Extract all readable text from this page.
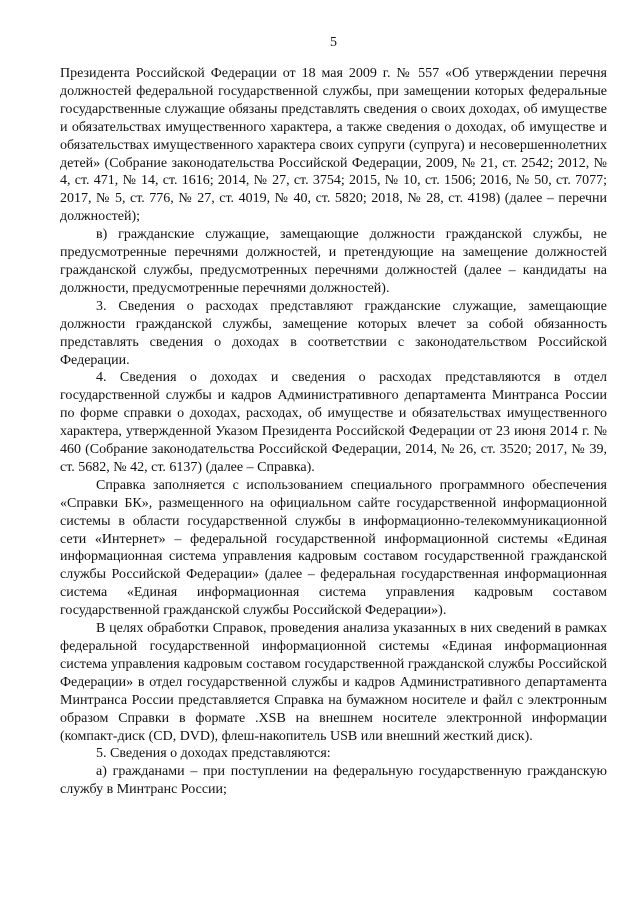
5

Президента Российской Федерации от 18 мая 2009 г. № 557 «Об утверждении перечня должностей федеральной государственной службы, при замещении которых федеральные государственные служащие обязаны представлять сведения о своих доходах, об имуществе и обязательствах имущественного характера, а также сведения о доходах, об имуществе и обязательствах имущественного характера своих супруги (супруга) и несовершеннолетних детей» (Собрание законодательства Российской Федерации, 2009, № 21, ст. 2542; 2012, № 4, ст. 471, № 14, ст. 1616; 2014, № 27, ст. 3754; 2015, № 10, ст. 1506; 2016, № 50, ст. 7077; 2017, № 5, ст. 776, № 27, ст. 4019, № 40, ст. 5820; 2018, № 28, ст. 4198) (далее – перечни должностей);

в) гражданские служащие, замещающие должности гражданской службы, не предусмотренные перечнями должностей, и претендующие на замещение должностей гражданской службы, предусмотренных перечнями должностей (далее – кандидаты на должности, предусмотренные перечнями должностей).

3. Сведения о расходах представляют гражданские служащие, замещающие должности гражданской службы, замещение которых влечет за собой обязанность представлять сведения о доходах в соответствии с законодательством Российской Федерации.

4. Сведения о доходах и сведения о расходах представляются в отдел государственной службы и кадров Административного департамента Минтранса России по форме справки о доходах, расходах, об имуществе и обязательствах имущественного характера, утвержденной Указом Президента Российской Федерации от 23 июня 2014 г. № 460 (Собрание законодательства Российской Федерации, 2014, № 26, ст. 3520; 2017, № 39, ст. 5682, № 42, ст. 6137) (далее – Справка).

Справка заполняется с использованием специального программного обеспечения «Справки БК», размещенного на официальном сайте государственной информационной системы в области государственной службы в информационно-телекоммуникационной сети «Интернет» – федеральной государственной информационной системы «Единая информационная система управления кадровым составом государственной гражданской службы Российской Федерации» (далее – федеральная государственная информационная система «Единая информационная система управления кадровым составом государственной гражданской службы Российской Федерации»).

В целях обработки Справок, проведения анализа указанных в них сведений в рамках федеральной государственной информационной системы «Единая информационная система управления кадровым составом государственной гражданской службы Российской Федерации» в отдел государственной службы и кадров Административного департамента Минтранса России представляется Справка на бумажном носителе и файл с электронным образом Справки в формате .XSB на внешнем носителе электронной информации (компакт-диск (CD, DVD), флеш-накопитель USB или внешний жесткий диск).

5. Сведения о доходах представляются:

а) гражданами – при поступлении на федеральную государственную гражданскую службу в Минтранс России;
